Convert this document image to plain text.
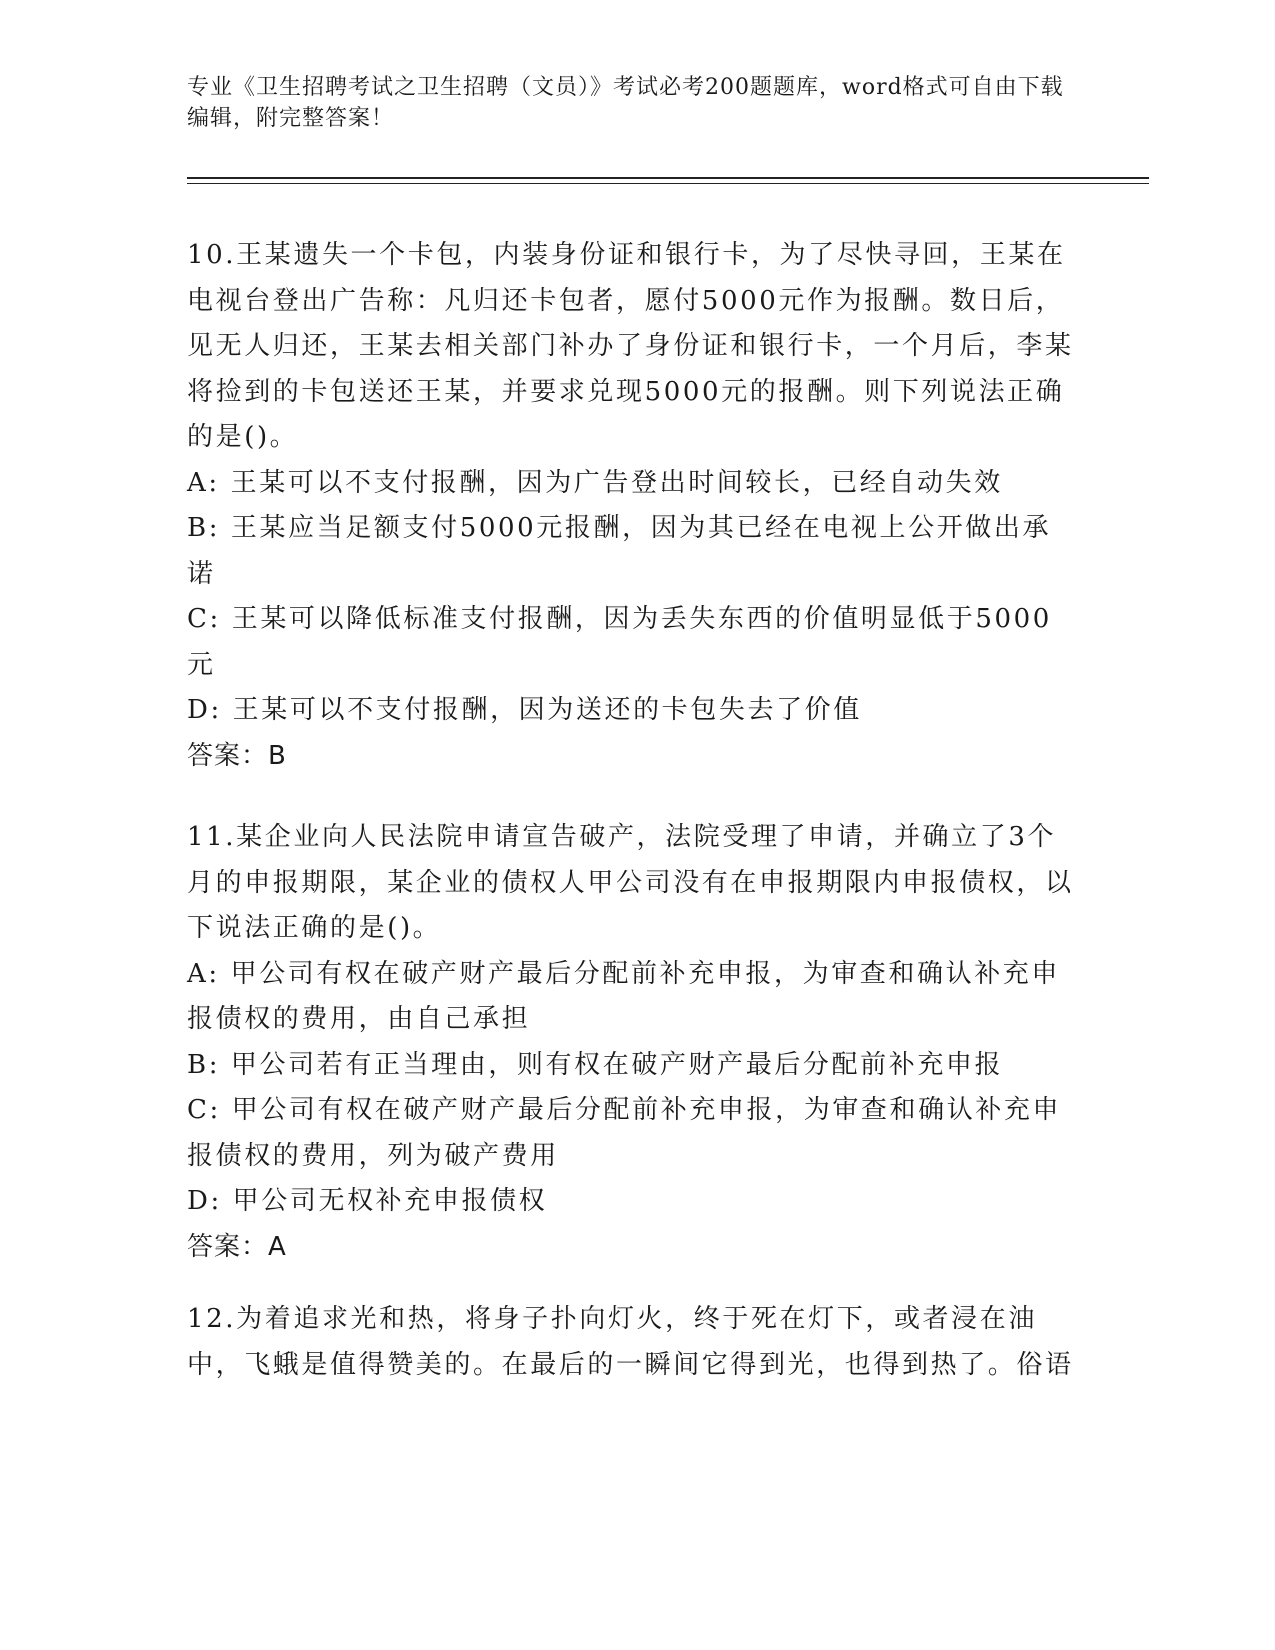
专业《卫生招聘考试之卫生招聘（文员）》考试必考200题题库，word格式可自由下载编辑，附完整答案！

10.王某遗失一个卡包，内装身份证和银行卡，为了尽快寻回，王某在电视台登出广告称：凡归还卡包者，愿付5000元作为报酬。数日后，见无人归还，王某去相关部门补办了身份证和银行卡，一个月后，李某将捡到的卡包送还王某，并要求兑现5000元的报酬。则下列说法正确的是()。

A: 王某可以不支付报酬，因为广告登出时间较长，已经自动失效

B: 王某应当足额支付5000元报酬，因为其已经在电视上公开做出承诺

C: 王某可以降低标准支付报酬，因为丢失东西的价值明显低于5000元

D: 王某可以不支付报酬，因为送还的卡包失去了价值

答案：B

11.某企业向人民法院申请宣告破产，法院受理了申请，并确立了3个月的申报期限，某企业的债权人甲公司没有在申报期限内申报债权，以下说法正确的是()。

A: 甲公司有权在破产财产最后分配前补充申报，为审查和确认补充申报债权的费用，由自己承担

B: 甲公司若有正当理由，则有权在破产财产最后分配前补充申报

C: 甲公司有权在破产财产最后分配前补充申报，为审查和确认补充申报债权的费用，列为破产费用

D: 甲公司无权补充申报债权

答案：A

12.为着追求光和热，将身子扑向灯火，终于死在灯下，或者浸在油中，飞蛾是值得赞美的。在最后的一瞬间它得到光，也得到热了。俗语
